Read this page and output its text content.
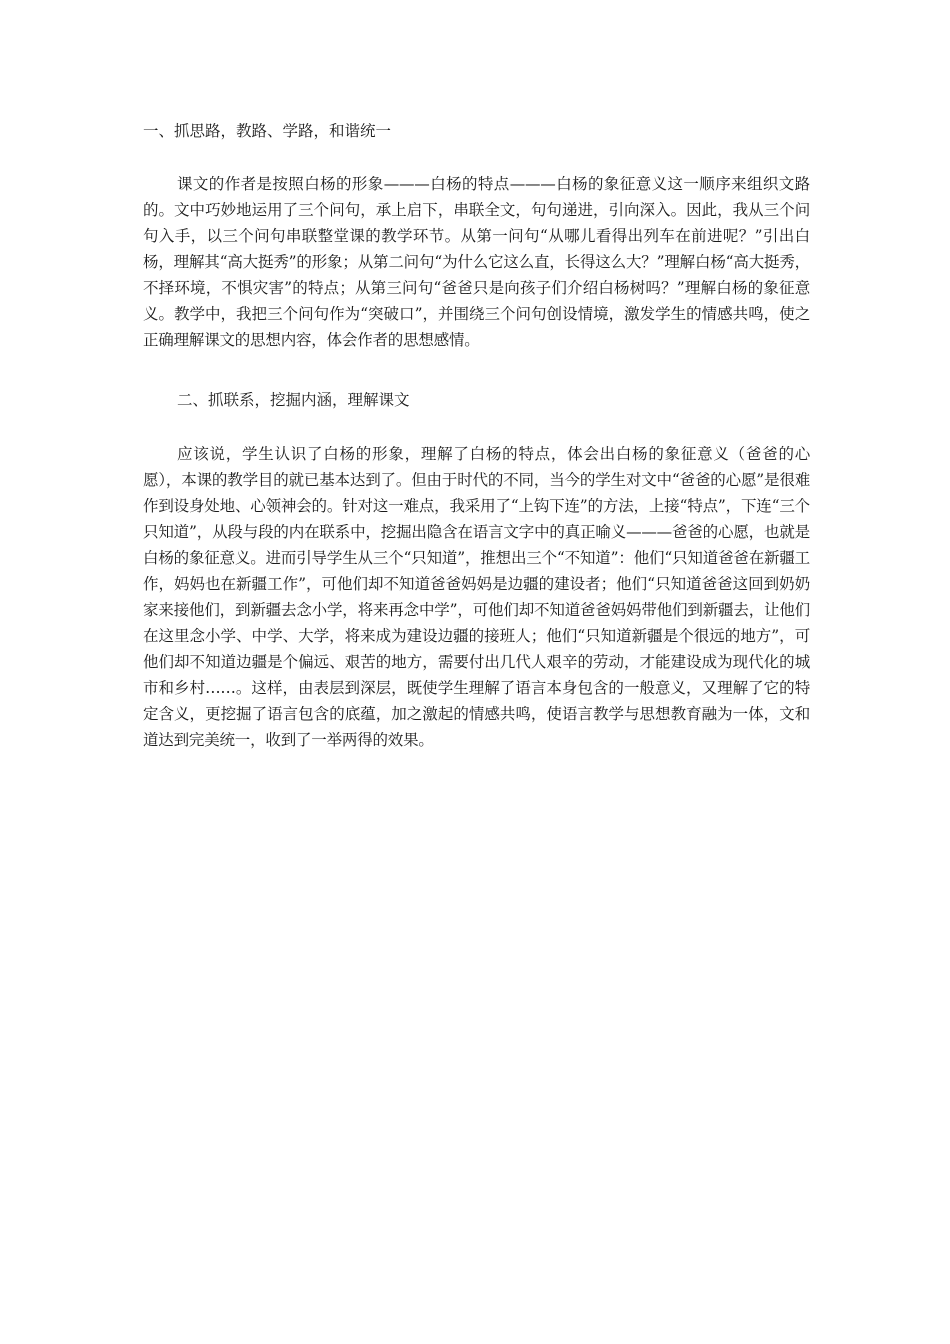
一、抓思路，教路、学路，和谐统一

课文的作者是按照白杨的形象———白杨的特点———白杨的象征意义这一顺序来组织文路的。文中巧妙地运用了三个问句，承上启下，串联全文，句句递进，引向深入。因此，我从三个问句入手，以三个问句串联整堂课的教学环节。从第一问句“从哪儿看得出列车在前进呢？”引出白杨，理解其“高大挺秀”的形象；从第二问句“为什么它这么直，长得这么大？”理解白杨“高大挺秀，不择环境，不惧灾害”的特点；从第三问句“爸爸只是向孩子们介绍白杨树吗？”理解白杨的象征意义。教学中，我把三个问句作为“突破口”，并围绕三个问句创设情境，激发学生的情感共鸣，使之正确理解课文的思想内容，体会作者的思想感情。

二、抓联系，挖掘内涵，理解课文

应该说，学生认识了白杨的形象，理解了白杨的特点，体会出白杨的象征意义（爸爸的心愿），本课的教学目的就已基本达到了。但由于时代的不同，当今的学生对文中“爸爸的心愿”是很难作到设身处地、心领神会的。针对这一难点，我采用了“上钩下连”的方法，上接“特点”，下连“三个只知道”，从段与段的内在联系中，挖掘出隐含在语言文字中的真正喻义———爸爸的心愿，也就是白杨的象征意义。进而引导学生从三个“只知道”，推想出三个“不知道”：他们“只知道爸爸在新疆工作，妈妈也在新疆工作”，可他们却不知道爸爸妈妈是边疆的建设者；他们“只知道爸爸这回到奶奶家来接他们，到新疆去念小学，将来再念中学”，可他们却不知道爸爸妈妈带他们到新疆去，让他们在这里念小学、中学、大学，将来成为建设边疆的接班人；他们“只知道新疆是个很远的地方”，可他们却不知道边疆是个偏远、艰苦的地方，需要付出几代人艰辛的劳动，才能建设成为现代化的城市和乡村……。这样，由表层到深层，既使学生理解了语言本身包含的一般意义，又理解了它的特定含义，更挖掘了语言包含的底蕴，加之激起的情感共鸣，使语言教学与思想教育融为一体，文和道达到完美统一，收到了一举两得的效果。
